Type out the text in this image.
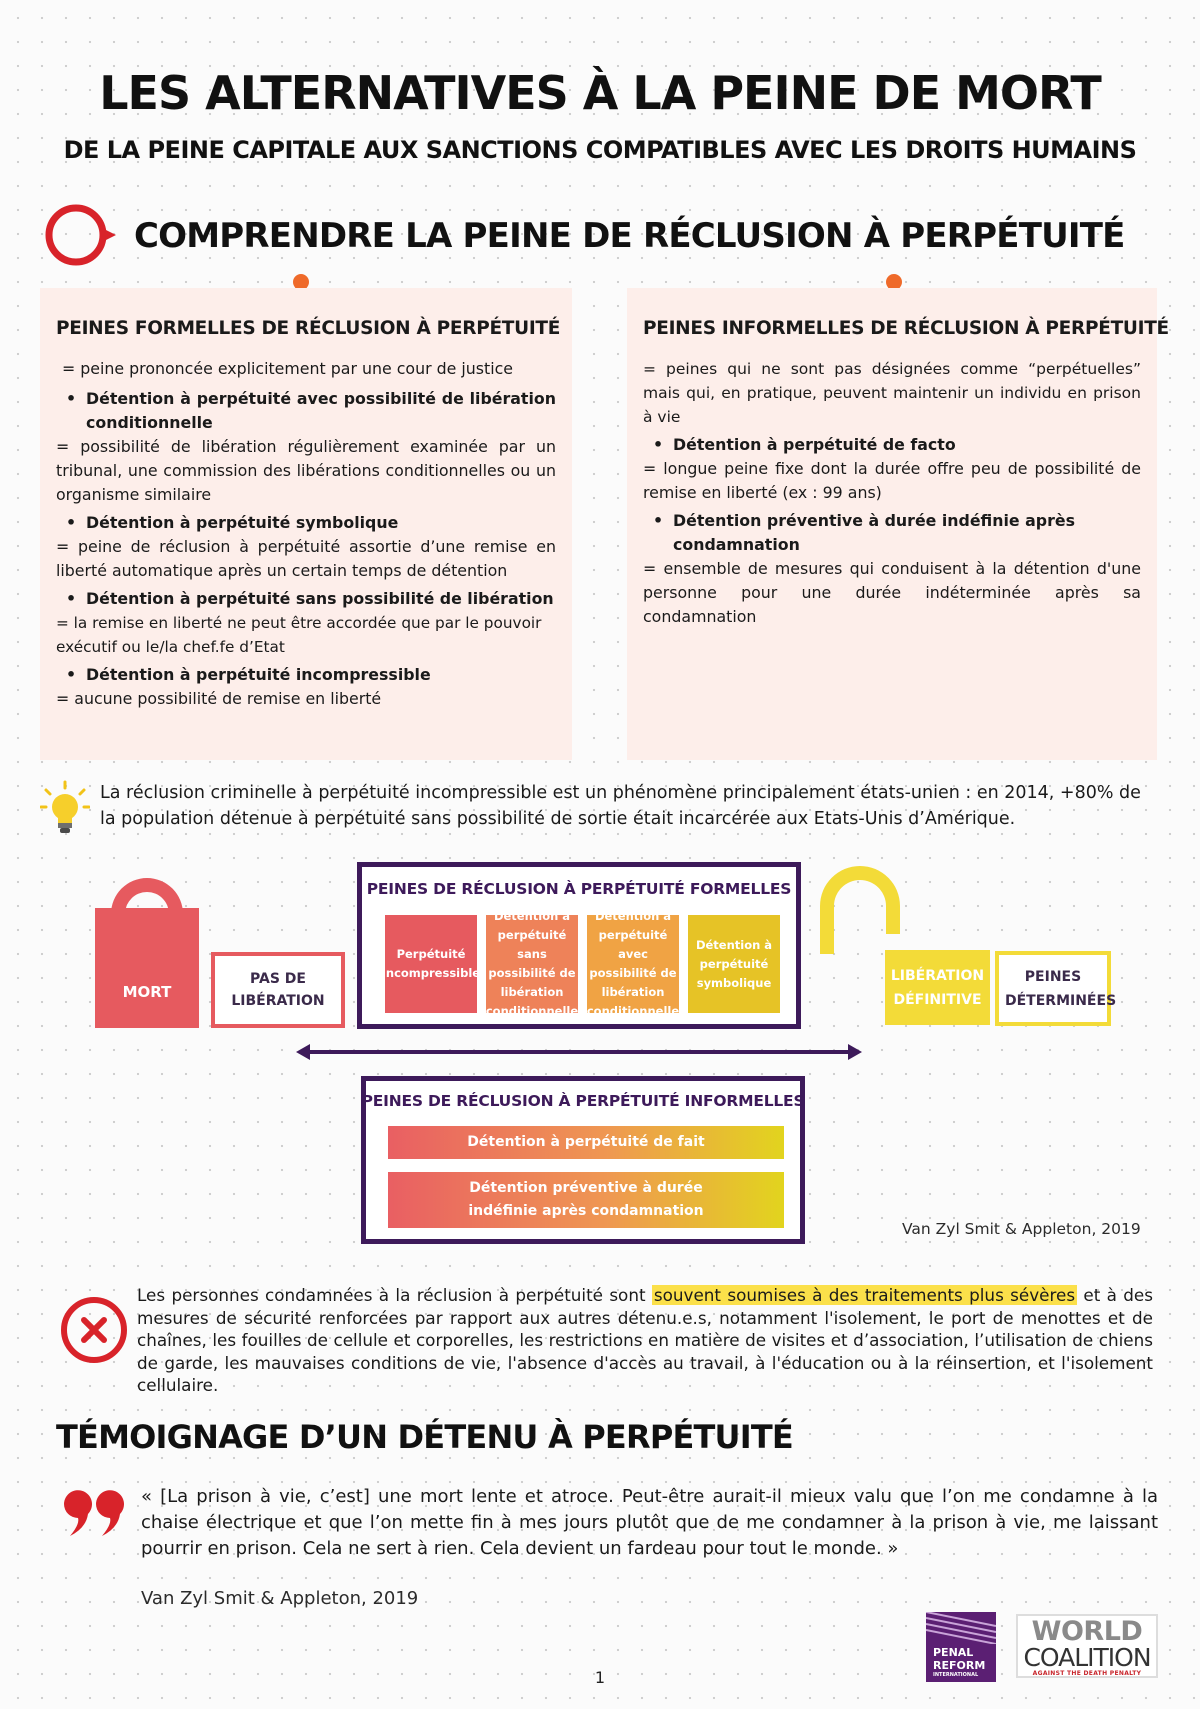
LES ALTERNATIVES À LA PEINE DE MORT
DE LA PEINE CAPITALE AUX SANCTIONS COMPATIBLES AVEC LES DROITS HUMAINS
COMPRENDRE LA PEINE DE RÉCLUSION À PERPÉTUITÉ
PEINES FORMELLES DE RÉCLUSION À PERPÉTUITÉ

= peine prononcée explicitement par une cour de justice

• Détention à perpétuité avec possibilité de libération conditionnelle

= possibilité de libération régulièrement examinée par un tribunal, une commission des libérations conditionnelles ou un organisme similaire

• Détention à perpétuité symbolique

= peine de réclusion à perpétuité assortie d’une remise en liberté automatique après un certain temps de détention

• Détention à perpétuité sans possibilité de libération

= la remise en liberté ne peut être accordée que par le pouvoir exécutif ou le/la chef.fe d’Etat

• Détention à perpétuité incompressible

= aucune possibilité de remise en liberté

PEINES INFORMELLES DE RÉCLUSION À PERPÉTUITÉ

= peines qui ne sont pas désignées comme “perpétuelles” mais qui, en pratique, peuvent maintenir un individu en prison à vie

• Détention à perpétuité de facto

= longue peine fixe dont la durée offre peu de possibilité de remise en liberté (ex : 99 ans)

• Détention préventive à durée indéfinie après condamnation

= ensemble de mesures qui conduisent à la détention d'une personne pour une durée indéterminée après sa condamnation

La réclusion criminelle à perpétuité incompressible est un phénomène principalement états-unien : en 2014, +80% de la population détenue à perpétuité sans possibilité de sortie était incarcérée aux Etats-Unis d’Amérique.
MORT
PAS DE LIBÉRATION
PEINES DE RÉCLUSION À PERPÉTUITÉ FORMELLES
Perpétuité incompressible
Détention à perpétuité sans possibilité de libération conditionnelle
Détention à perpétuité avec possibilité de libération conditionnelle
Détention à perpétuité symbolique	LIBÉRATION DÉFINITIVE
PEINES DÉTERMINÉES
PEINES DE RÉCLUSION À PERPÉTUITÉ INFORMELLES
Détention à perpétuité de fait
Détention préventive à durée indéfinie après condamnation
Van Zyl Smit & Appleton, 2019
Les personnes condamnées à la réclusion à perpétuité sont souvent soumises à des traitements plus sévères et à des mesures de sécurité renforcées par rapport aux autres détenu.e.s, notamment l'isolement, le port de menottes et de chaînes, les fouilles de cellule et corporelles, les restrictions en matière de visites et d’association, l’utilisation de chiens de garde, les mauvaises conditions de vie, l'absence d'accès au travail, à l'éducation ou à la réinsertion, et l'isolement cellulaire.
TÉMOIGNAGE D’UN DÉTENU À PERPÉTUITÉ
« [La prison à vie, c’est] une mort lente et atroce. Peut-être aurait-il mieux valu que l’on me condamne à la chaise électrique et que l’on mette fin à mes jours plutôt que de me condamner à la prison à vie, me laissant pourrir en prison. Cela ne sert à rien. Cela devient un fardeau pour tout le monde. »
Van Zyl Smit & Appleton, 2019
PENAL
REFORM
INTERNATIONAL
WORLD
COALITION
AGAINST THE DEATH PENALTY
1
